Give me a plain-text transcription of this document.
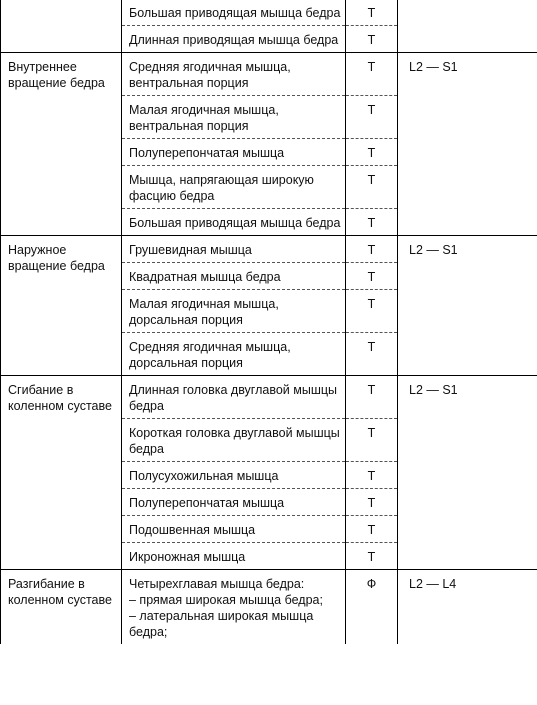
	Большая приводящая мышца бедра	Т	
	Длинная приводящая мышца бедра	Т	
Внутреннее вращение бедра	Средняя ягодичная мышца, вентральная порция	Т	L2 — S1
	Малая ягодичная мышца, вентральная порция	Т	
	Полуперепончатая мышца	Т	
	Мышца, напрягающая широкую фасцию бедра	Т	
	Большая приводящая мышца бедра	Т	
Наружное вращение бедра	Грушевидная мышца	Т	L2 — S1
	Квадратная мышца бедра	Т	
	Малая ягодичная мышца, дорсальная порция	Т	
	Средняя ягодичная мышца, дорсальная порция	Т	
Сгибание в коленном суставе	Длинная головка двуглавой мышцы бедра	Т	L2 — S1
	Короткая головка двуглавой мышцы бедра	Т	
	Полусухожильная мышца	Т	
	Полуперепончатая мышца	Т	
	Подошвенная мышца	Т	
	Икроножная мышца	Т	
Разгибание в коленном суставе	Четырехглавая мышца бедра:
– прямая широкая мышца бедра;
– латеральная широкая мышца бедра;	Ф	L2 — L4
